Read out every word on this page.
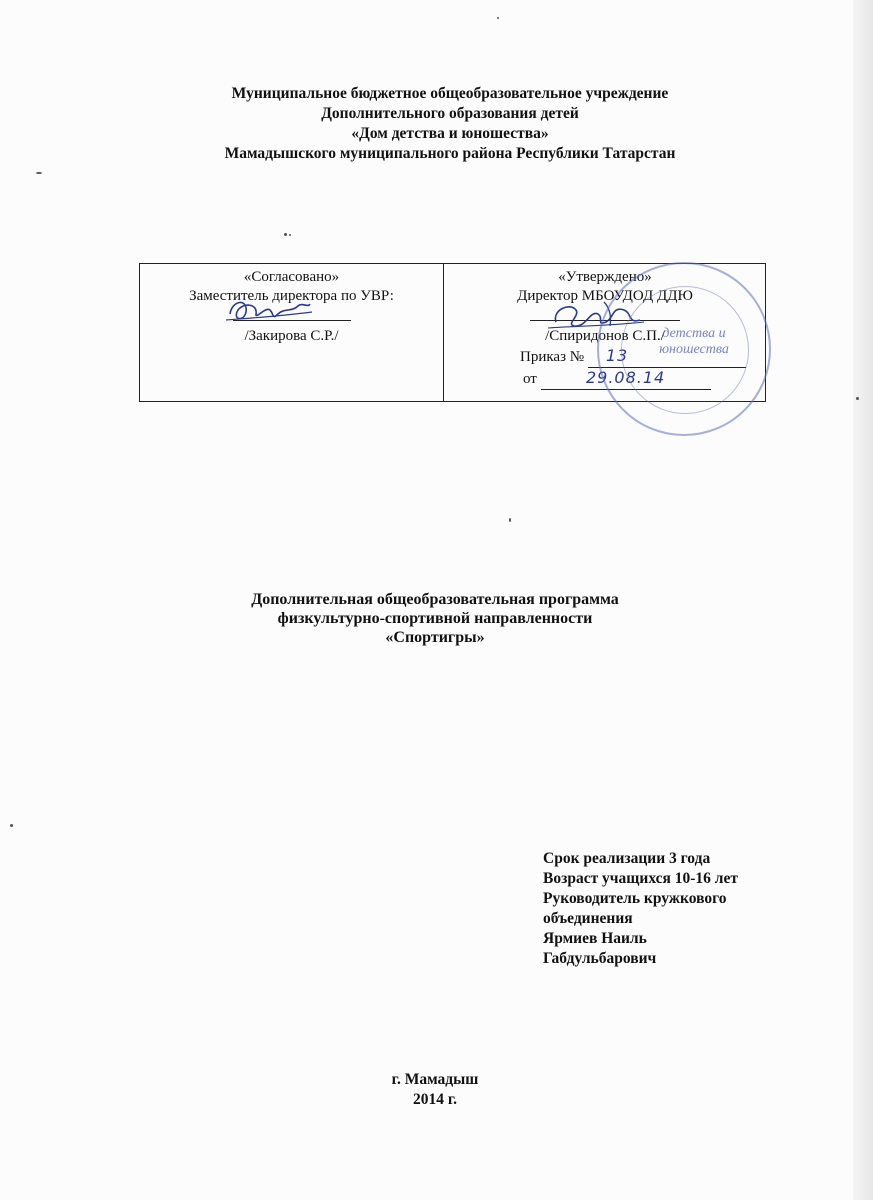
Муниципальное бюджетное общеобразовательное учреждение
Дополнительного образования детей
«Дом детства и юношества»
Мамадышского муниципального района Республики Татарстан
«Согласовано»
Заместитель директора по УВР:
/Закирова С.Р./
«Утверждено»
Директор МБОУДОД ДДЮ
/Спиридонов С.П./
Приказ № 13
от	29.08.14
детства и юношества
Дополнительная общеобразовательная программа
физкультурно-спортивной направленности
«Спортигры»
Срок реализации 3 года
Возраст учащихся 10-16 лет
Руководитель кружкового
объединения
Ярмиев Наиль
Габдульбарович
г. Мамадыш
2014 г.
